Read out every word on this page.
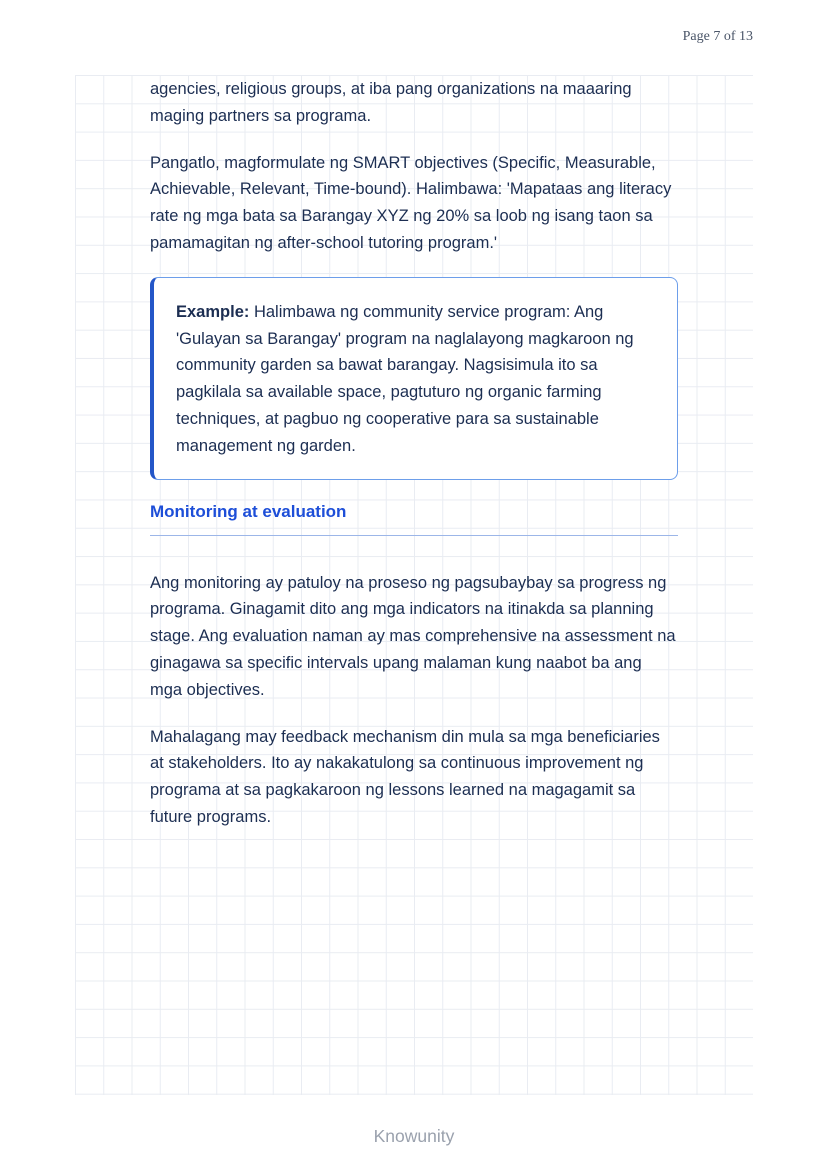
Page 7 of 13

agencies, religious groups, at iba pang organizations na maaaring maging partners sa programa.

Pangatlo, magformulate ng SMART objectives (Specific, Measurable, Achievable, Relevant, Time-bound). Halimbawa: 'Mapataas ang literacy rate ng mga bata sa Barangay XYZ ng 20% sa loob ng isang taon sa pamamagitan ng after-school tutoring program.'

Example: Halimbawa ng community service program: Ang 'Gulayan sa Barangay' program na naglalayong magkaroon ng community garden sa bawat barangay. Nagsisimula ito sa pagkilala sa available space, pagtuturo ng organic farming techniques, at pagbuo ng cooperative para sa sustainable management ng garden.

Monitoring at evaluation

Ang monitoring ay patuloy na proseso ng pagsubaybay sa progress ng programa. Ginagamit dito ang mga indicators na itinakda sa planning stage. Ang evaluation naman ay mas comprehensive na assessment na ginagawa sa specific intervals upang malaman kung naabot ba ang mga objectives.

Mahalagang may feedback mechanism din mula sa mga beneficiaries at stakeholders. Ito ay nakakatulong sa continuous improvement ng programa at sa pagkakaroon ng lessons learned na magagamit sa future programs.

Knowunity
